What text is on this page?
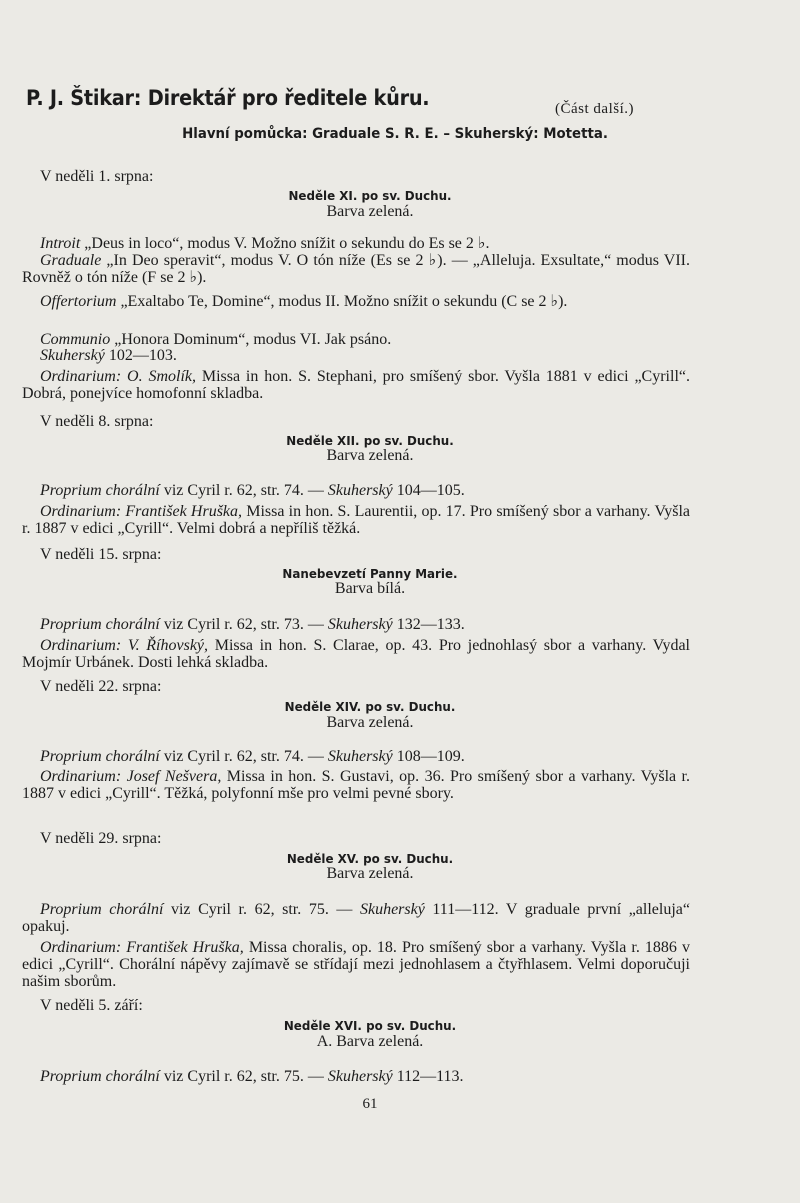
P. J. Štikar: Direktář pro ředitele kůru.	(Část další.)
Hlavní pomůcka: Graduale S. R. E. – Skuherský: Motetta.
V neděli 1. srpna:
Neděle XI. po sv. Duchu.
Barva zelená.
Introit „Deus in loco“, modus V. Možno snížit o sekundu do Es se 2 ♭.
Graduale „In Deo speravit“, modus V. O tón níže (Es se 2 ♭). — „Alleluja. Exsultate,“ modus VII. Rovněž o tón níže (F se 2 ♭).
Offertorium „Exaltabo Te, Domine“, modus II. Možno snížit o sekundu (C se 2 ♭).
Communio „Honora Dominum“, modus VI. Jak psáno.
Skuherský 102—103.
Ordinarium: O. Smolík, Missa in hon. S. Stephani, pro smíšený sbor. Vyšla 1881 v edici „Cyrill“. Dobrá, ponejvíce homofonní skladba.
V neděli 8. srpna:
Neděle XII. po sv. Duchu.
Barva zelená.
Proprium chorální viz Cyril r. 62, str. 74. — Skuherský 104—105.
Ordinarium: František Hruška, Missa in hon. S. Laurentii, op. 17. Pro smíšený sbor a varhany. Vyšla r. 1887 v edici „Cyrill“. Velmi dobrá a nepříliš těžká.
V neděli 15. srpna:
Nanebevzetí Panny Marie.
Barva bílá.
Proprium chorální viz Cyril r. 62, str. 73. — Skuherský 132—133.
Ordinarium: V. Říhovský, Missa in hon. S. Clarae, op. 43. Pro jednohlasý sbor a varhany. Vydal Mojmír Urbánek. Dosti lehká skladba.
V neděli 22. srpna:
Neděle XIV. po sv. Duchu.
Barva zelená.
Proprium chorální viz Cyril r. 62, str. 74. — Skuherský 108—109.
Ordinarium: Josef Nešvera, Missa in hon. S. Gustavi, op. 36. Pro smíšený sbor a varhany. Vyšla r. 1887 v edici „Cyrill“. Těžká, polyfonní mše pro velmi pevné sbory.
V neděli 29. srpna:
Neděle XV. po sv. Duchu.
Barva zelená.
Proprium chorální viz Cyril r. 62, str. 75. — Skuherský 111—112. V graduale první „alleluja“ opakuj.
Ordinarium: František Hruška, Missa choralis, op. 18. Pro smíšený sbor a varhany. Vyšla r. 1886 v edici „Cyrill“. Chorální nápěvy zajímavě se střídají mezi jednohlasem a čtyřhlasem. Velmi doporučuji našim sborům.
V neděli 5. září:
Neděle XVI. po sv. Duchu.
A. Barva zelená.
Proprium chorální viz Cyril r. 62, str. 75. — Skuherský 112—113.
61
